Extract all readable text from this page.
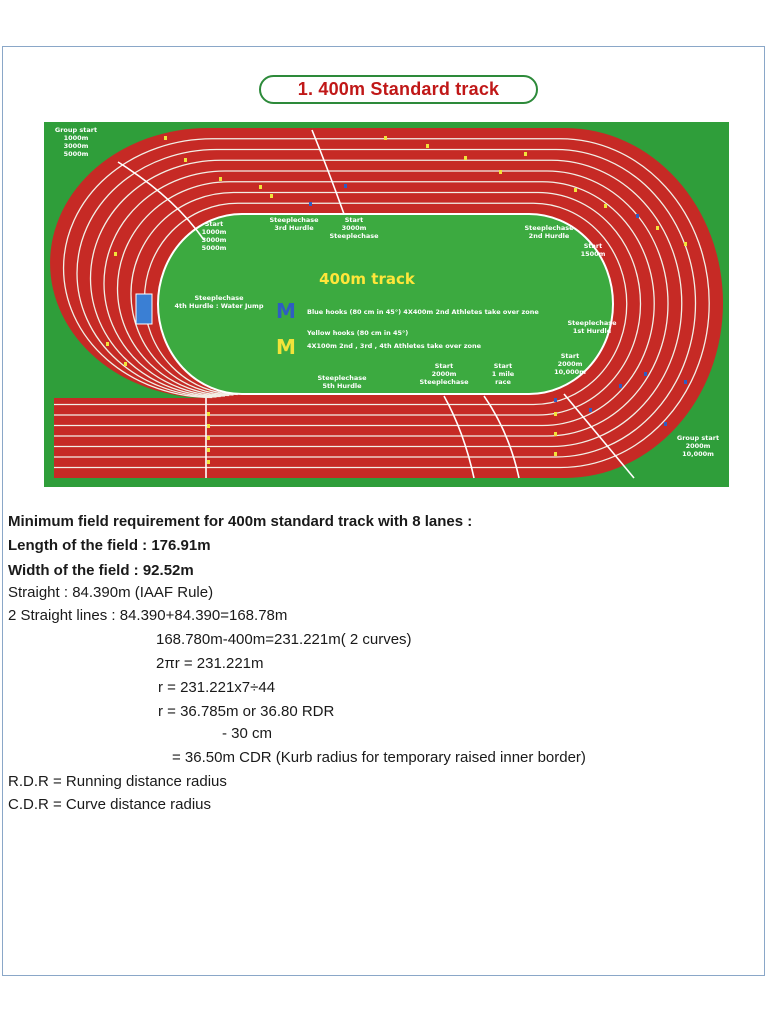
1. 400m Standard track
M
M
Group start 1000m 3000m 5000m
Start 1000m 3000m 5000m
Steeplechase 3rd Hurdle
Start 3000m Steeplechase
Steeplechase 2nd Hurdle
Start 1500m
400m track
Steeplechase 4th Hurdle : Water Jump
Blue hooks (80 cm in 45°) 4X400m 2nd Athletes take over zone
Yellow hooks (80 cm in 45°)
4X100m 2nd , 3rd , 4th Athletes take over zone
Steeplechase 1st Hurdle
Start 2000m Steeplechase
Start 1 mile race
Start 2000m 10,000m
Steeplechase 5th Hurdle
Group start 2000m 10,000m
Minimum field requirement for 400m standard track with 8 lanes :
Length of the field : 176.91m
Width of the field : 92.52m
Straight : 84.390m (IAAF Rule)
2 Straight lines : 84.390+84.390=168.78m
168.780m-400m=231.221m( 2 curves)
2πr = 231.221m
r = 231.221x7÷44
r = 36.785m or 36.80 RDR
- 30 cm
= 36.50m CDR (Kurb radius for temporary raised inner border)
R.D.R = Running distance radius
C.D.R = Curve distance radius
